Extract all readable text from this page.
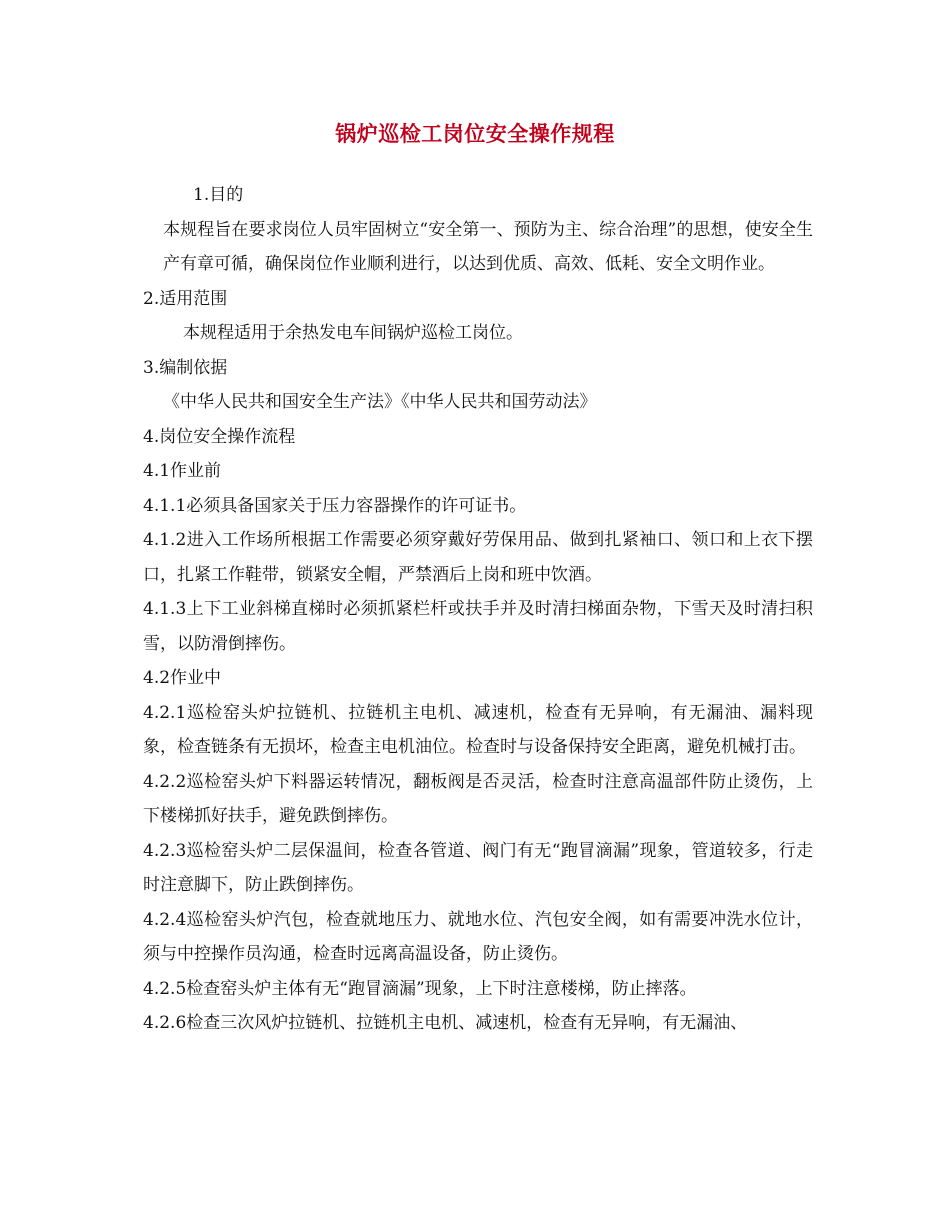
锅炉巡检工岗位安全操作规程

1.目的

本规程旨在要求岗位人员牢固树立“安全第一、预防为主、综合治理”的思想，使安全生产有章可循，确保岗位作业顺利进行，以达到优质、高效、低耗、安全文明作业。

2.适用范围

本规程适用于余热发电车间锅炉巡检工岗位。

3.编制依据

《中华人民共和国安全生产法》《中华人民共和国劳动法》

4.岗位安全操作流程

4.1作业前

4.1.1必须具备国家关于压力容器操作的许可证书。

4.1.2进入工作场所根据工作需要必须穿戴好劳保用品、做到扎紧袖口、领口和上衣下摆口，扎紧工作鞋带，锁紧安全帽，严禁酒后上岗和班中饮酒。

4.1.3上下工业斜梯直梯时必须抓紧栏杆或扶手并及时清扫梯面杂物，下雪天及时清扫积雪，以防滑倒摔伤。

4.2作业中

4.2.1巡检窑头炉拉链机、拉链机主电机、减速机，检查有无异响，有无漏油、漏料现象，检查链条有无损坏，检查主电机油位。检查时与设备保持安全距离，避免机械打击。

4.2.2巡检窑头炉下料器运转情况，翻板阀是否灵活，检查时注意高温部件防止烫伤，上下楼梯抓好扶手，避免跌倒摔伤。

4.2.3巡检窑头炉二层保温间，检查各管道、阀门有无“跑冒滴漏”现象，管道较多，行走时注意脚下，防止跌倒摔伤。

4.2.4巡检窑头炉汽包，检查就地压力、就地水位、汽包安全阀，如有需要冲洗水位计，须与中控操作员沟通，检查时远离高温设备，防止烫伤。

4.2.5检查窑头炉主体有无“跑冒滴漏”现象，上下时注意楼梯，防止摔落。

4.2.6检查三次风炉拉链机、拉链机主电机、减速机，检查有无异响，有无漏油、
